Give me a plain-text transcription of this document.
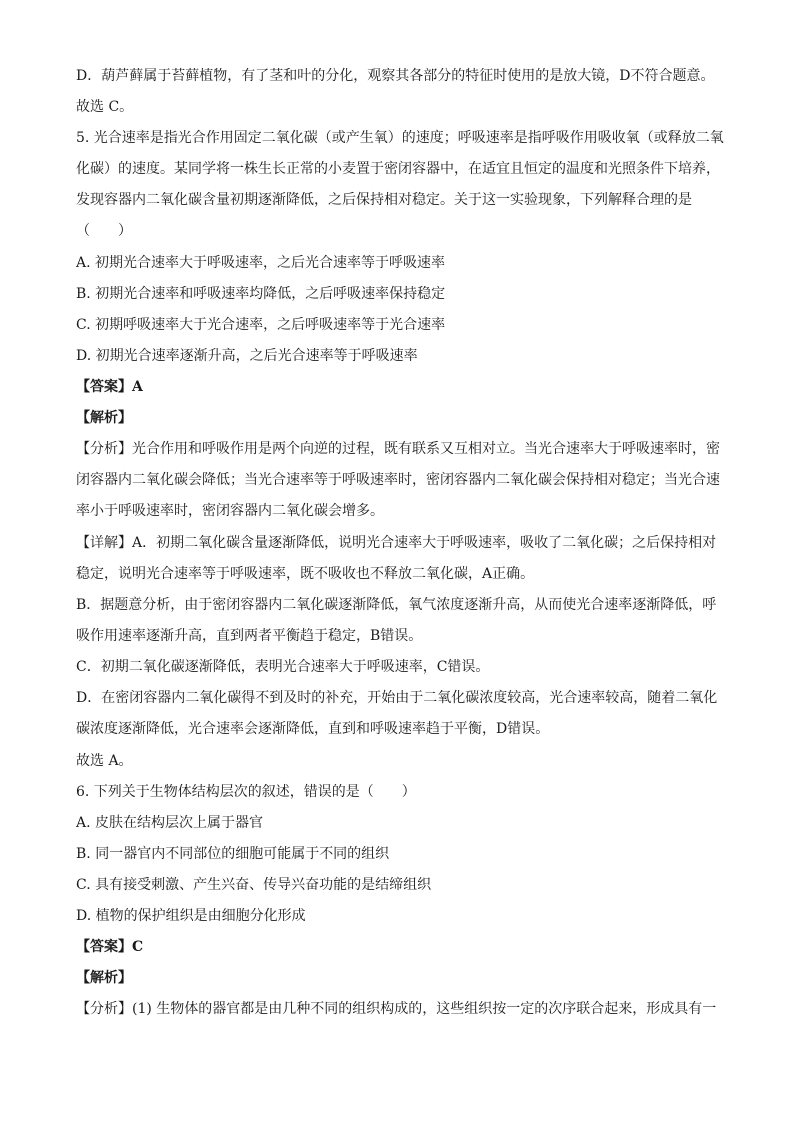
D．葫芦藓属于苔藓植物，有了茎和叶的分化，观察其各部分的特征时使用的是放大镜，D不符合题意。
故选 C。
5. 光合速率是指光合作用固定二氧化碳（或产生氧）的速度；呼吸速率是指呼吸作用吸收氧（或释放二氧
化碳）的速度。某同学将一株生长正常的小麦置于密闭容器中，在适宜且恒定的温度和光照条件下培养，
发现容器内二氧化碳含量初期逐渐降低，之后保持相对稳定。关于这一实验现象，下列解释合理的是
（　　）
A. 初期光合速率大于呼吸速率，之后光合速率等于呼吸速率
B. 初期光合速率和呼吸速率均降低，之后呼吸速率保持稳定
C. 初期呼吸速率大于光合速率，之后呼吸速率等于光合速率
D. 初期光合速率逐渐升高，之后光合速率等于呼吸速率
【答案】A
【解析】
【分析】光合作用和呼吸作用是两个向逆的过程，既有联系又互相对立。当光合速率大于呼吸速率时，密
闭容器内二氧化碳会降低；当光合速率等于呼吸速率时，密闭容器内二氧化碳会保持相对稳定；当光合速
率小于呼吸速率时，密闭容器内二氧化碳会增多。
【详解】A．初期二氧化碳含量逐渐降低，说明光合速率大于呼吸速率，吸收了二氧化碳；之后保持相对
稳定，说明光合速率等于呼吸速率，既不吸收也不释放二氧化碳，A正确。
B．据题意分析，由于密闭容器内二氧化碳逐渐降低，氧气浓度逐渐升高，从而使光合速率逐渐降低，呼
吸作用速率逐渐升高，直到两者平衡趋于稳定，B错误。
C．初期二氧化碳逐渐降低，表明光合速率大于呼吸速率，C错误。
D．在密闭容器内二氧化碳得不到及时的补充，开始由于二氧化碳浓度较高，光合速率较高，随着二氧化
碳浓度逐渐降低，光合速率会逐渐降低，直到和呼吸速率趋于平衡，D错误。
故选 A。
6. 下列关于生物体结构层次的叙述，错误的是（　　）
A. 皮肤在结构层次上属于器官
B. 同一器官内不同部位的细胞可能属于不同的组织
C. 具有接受刺激、产生兴奋、传导兴奋功能的是结缔组织
D. 植物的保护组织是由细胞分化形成
【答案】C
【解析】
【分析】(1) 生物体的器官都是由几种不同的组织构成的，这些组织按一定的次序联合起来，形成具有一
